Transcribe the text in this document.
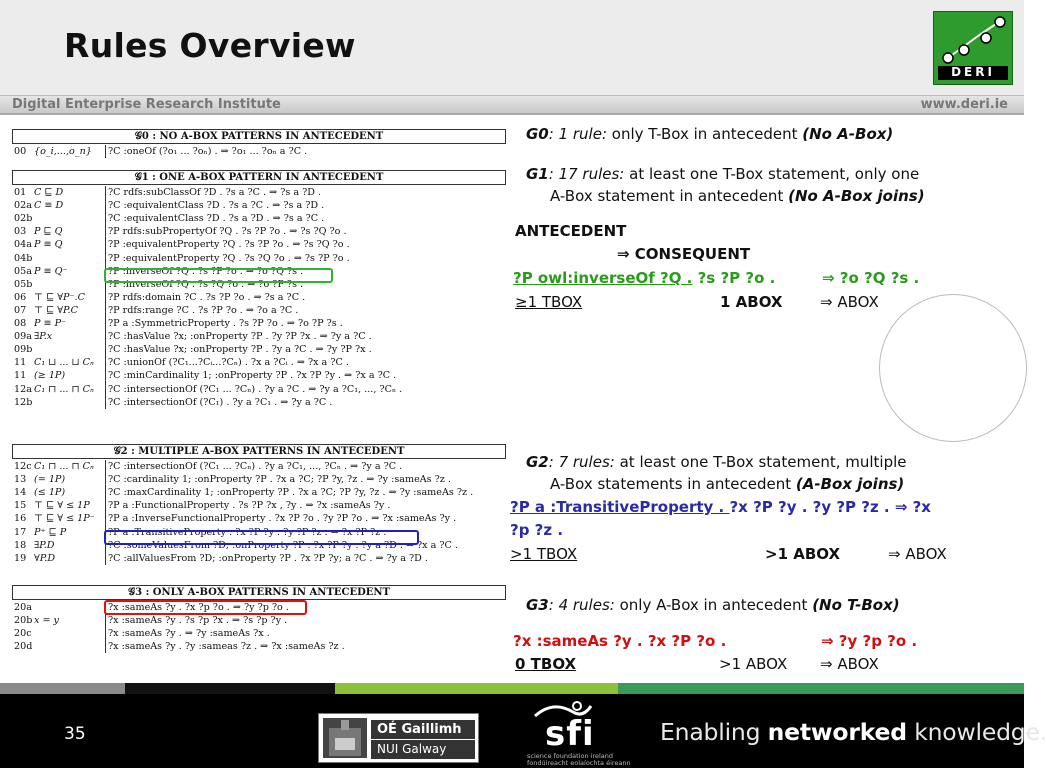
Rules Overview
DERI
Digital Enterprise Research Institute	www.deri.ie
𝒢0 : NO A-BOX PATTERNS IN ANTECEDENT
00 {o_i,...,o_n}	?C :oneOf (?o₁ ... ?oₙ) . ⇒ ?o₁ ... ?oₙ a ?C .
𝒢1 : ONE A-BOX PATTERN IN ANTECEDENT
01 C ⊑ D	?C rdfs:subClassOf ?D . ?s a ?C . ⇒ ?s a ?D .
02a C ≡ D	?C :equivalentClass ?D . ?s a ?C . ⇒ ?s a ?D .
02b	?C :equivalentClass ?D . ?s a ?D . ⇒ ?s a ?C .
03 P ⊑ Q	?P rdfs:subPropertyOf ?Q . ?s ?P ?o . ⇒ ?s ?Q ?o .
04a P ≡ Q	?P :equivalentProperty ?Q . ?s ?P ?o . ⇒ ?s ?Q ?o .
04b	?P :equivalentProperty ?Q . ?s ?Q ?o . ⇒ ?s ?P ?o .
05a P ≡ Q⁻	?P :inverseOf ?Q . ?s ?P ?o . ⇒ ?o ?Q ?s .
05b	?P :inverseOf ?Q . ?s ?Q ?o . ⇒ ?o ?P ?s .
06 ⊤ ⊑ ∀P⁻.C	?P rdfs:domain ?C . ?s ?P ?o . ⇒ ?s a ?C .
07 ⊤ ⊑ ∀P.C	?P rdfs:range ?C . ?s ?P ?o . ⇒ ?o a ?C .
08 P ≡ P⁻	?P a :SymmetricProperty . ?s ?P ?o . ⇒ ?o ?P ?s .
09a ∃P.x	?C :hasValue ?x; :onProperty ?P . ?y ?P ?x . ⇒ ?y a ?C .
09b	?C :hasValue ?x; :onProperty ?P . ?y a ?C . ⇒ ?y ?P ?x .
11 C₁ ⊔ ... ⊔ Cₙ	?C :unionOf (?C₁...?Cᵢ...?Cₙ) . ?x a ?Cᵢ . ⇒ ?x a ?C .
11 (≥ 1P)	?C :minCardinality 1; :onProperty ?P . ?x ?P ?y . ⇒ ?x a ?C .
12a C₁ ⊓ ... ⊓ Cₙ	?C :intersectionOf (?C₁ ... ?Cₙ) . ?y a ?C . ⇒ ?y a ?C₁, ..., ?Cₙ .
12b	?C :intersectionOf (?C₁) . ?y a ?C₁ . ⇒ ?y a ?C .
𝒢2 : MULTIPLE A-BOX PATTERNS IN ANTECEDENT
12c C₁ ⊓ ... ⊓ Cₙ	?C :intersectionOf (?C₁ ... ?Cₙ) . ?y a ?C₁, ..., ?Cₙ . ⇒ ?y a ?C .
13 (= 1P)	?C :cardinality 1; :onProperty ?P . ?x a ?C; ?P ?y, ?z . ⇒ ?y :sameAs ?z .
14 (≤ 1P)	?C :maxCardinality 1; :onProperty ?P . ?x a ?C; ?P ?y, ?z . ⇒ ?y :sameAs ?z .
15 ⊤ ⊑ ∀ ≤ 1P	?P a :FunctionalProperty . ?s ?P ?x , ?y . ⇒ ?x :sameAs ?y .
16 ⊤ ⊑ ∀ ≤ 1P⁻	?P a :InverseFunctionalProperty . ?x ?P ?o . ?y ?P ?o . ⇒ ?x :sameAs ?y .
17 P⁺ ⊑ P	?P a :TransitiveProperty . ?x ?P ?y . ?y ?P ?z . ⇒ ?x ?P ?z .
18 ∃P.D	?C :someValuesFrom ?D; :onProperty ?P . ?x ?P ?y . ?y a ?D . ⇒ ?x a ?C .
19 ∀P.D	?C :allValuesFrom ?D; :onProperty ?P . ?x ?P ?y; a ?C . ⇒ ?y a ?D .
𝒢3 : ONLY A-BOX PATTERNS IN ANTECEDENT
20a	?x :sameAs ?y . ?x ?p ?o . ⇒ ?y ?p ?o .
20b x = y	?x :sameAs ?y . ?s ?p ?x . ⇒ ?s ?p ?y .
20c	?x :sameAs ?y . ⇒ ?y :sameAs ?x .
20d	?x :sameAs ?y . ?y :sameas ?z . ⇒ ?x :sameAs ?z .
G0: 1 rule: only T-Box in antecedent (No A-Box)
G1: 17 rules: at least one T-Box statement, only one
A-Box statement in antecedent (No A-Box joins)
ANTECEDENT
⇒ CONSEQUENT
?P owl:inverseOf ?Q . ?s ?P ?o .	⇒ ?o ?Q ?s .
≥1 TBOX	1 ABOX	⇒ ABOX
G2: 7 rules: at least one T-Box statement, multiple
A-Box statements in antecedent (A-Box joins)
?P a :TransitiveProperty . ?x ?P ?y . ?y ?P ?z . ⇒ ?x
?p ?z .
>1 TBOX	>1 ABOX	⇒ ABOX
G3: 4 rules: only A-Box in antecedent (No T-Box)
?x :sameAs ?y . ?x ?P ?o .	⇒ ?y ?p ?o .
0 TBOX	>1 ABOX ⇒ ABOX
35	OÉ Gaillimh
NUI Galway	sfi
science foundation ireland
fondúireacht eolaíochta éireann
Enabling networked knowledge.
